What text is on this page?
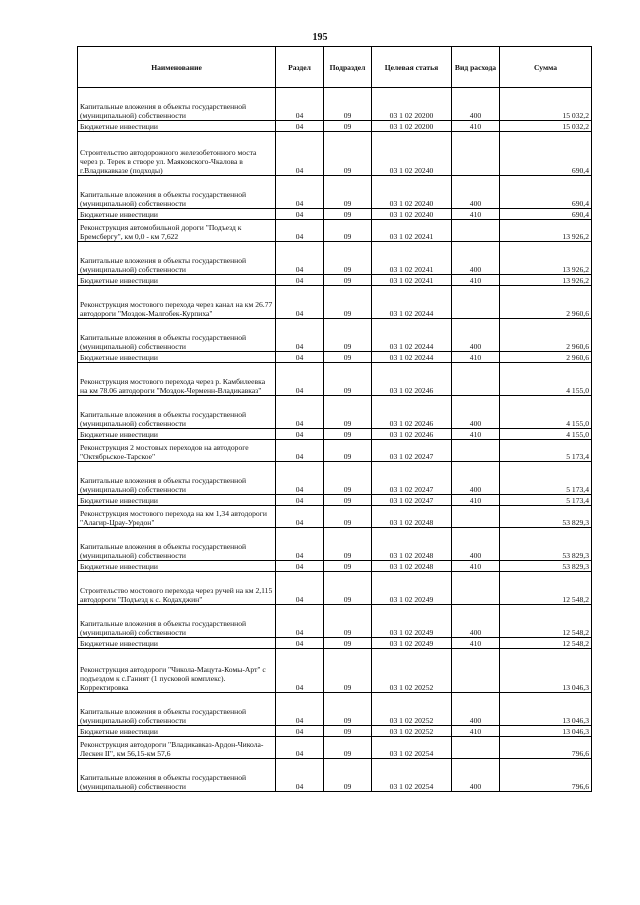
195
Наименование	Раздел	Подраздел	Целевая статья	Вид расхода	Сумма
Капитальные вложения в объекты государственной (муниципальной) собственности	04	09	03 1 02 20200	400	15 032,2
Бюджетные инвестиции	04	09	03 1 02 20200	410	15 032,2
Строительство автодорожного железобетонного моста через р. Терек в створе ул. Маяковского-Чкалова в г.Владикавказе (подходы)	04	09	03 1 02 20240		690,4
Капитальные вложения в объекты государственной (муниципальной) собственности	04	09	03 1 02 20240	400	690,4
Бюджетные инвестиции	04	09	03 1 02 20240	410	690,4
Реконструкция автомобильной дороги "Подъезд к Бремсбергу", км 0,0 - км 7,622	04	09	03 1 02 20241		13 926,2
Капитальные вложения в объекты государственной (муниципальной) собственности	04	09	03 1 02 20241	400	13 926,2
Бюджетные инвестиции	04	09	03 1 02 20241	410	13 926,2
Реконструкция мостового перехода через канал на км 26.77 автодороги "Моздок-Малгобек-Курпиха"	04	09	03 1 02 20244		2 960,6
Капитальные вложения в объекты государственной (муниципальной) собственности	04	09	03 1 02 20244	400	2 960,6
Бюджетные инвестиции	04	09	03 1 02 20244	410	2 960,6
Реконструкция мостового перехода через р. Камбилеевка на км 78.06 автодороги "Моздок-Черменн-Владикавказ"	04	09	03 1 02 20246		4 155,0
Капитальные вложения в объекты государственной (муниципальной) собственности	04	09	03 1 02 20246	400	4 155,0
Бюджетные инвестиции	04	09	03 1 02 20246	410	4 155,0
Реконструкция 2 мостовых переходов на автодороге "Октябрьское-Тарское"	04	09	03 1 02 20247		5 173,4
Капитальные вложения в объекты государственной (муниципальной) собственности	04	09	03 1 02 20247	400	5 173,4
Бюджетные инвестиции	04	09	03 1 02 20247	410	5 173,4
Реконструкция мостового перехода на км 1,34 автодороги "Алагир-Црау-Уредон"	04	09	03 1 02 20248		53 829,3
Капитальные вложения в объекты государственной (муниципальной) собственности	04	09	03 1 02 20248	400	53 829,3
Бюджетные инвестиции	04	09	03 1 02 20248	410	53 829,3
Строительство мостового перехода через ручей на км 2,115 автодороги "Подъезд к с. Кодахджин"	04	09	03 1 02 20249		12 548,2
Капитальные вложения в объекты государственной (муниципальной) собственности	04	09	03 1 02 20249	400	12 548,2
Бюджетные инвестиции	04	09	03 1 02 20249	410	12 548,2
Реконструкция автодороги "Чикола-Мацута-Комы-Арт" с подъездом к с.Ганият (1 пусковой комплекс). Корректировка	04	09	03 1 02 20252		13 046,3
Капитальные вложения в объекты государственной (муниципальной) собственности	04	09	03 1 02 20252	400	13 046,3
Бюджетные инвестиции	04	09	03 1 02 20252	410	13 046,3
Реконструкция автодороги "Владикавказ-Ардон-Чикола-Лескен II", км 56,15-км 57,6	04	09	03 1 02 20254		796,6
Капитальные вложения в объекты государственной (муниципальной) собственности	04	09	03 1 02 20254	400	796,6
